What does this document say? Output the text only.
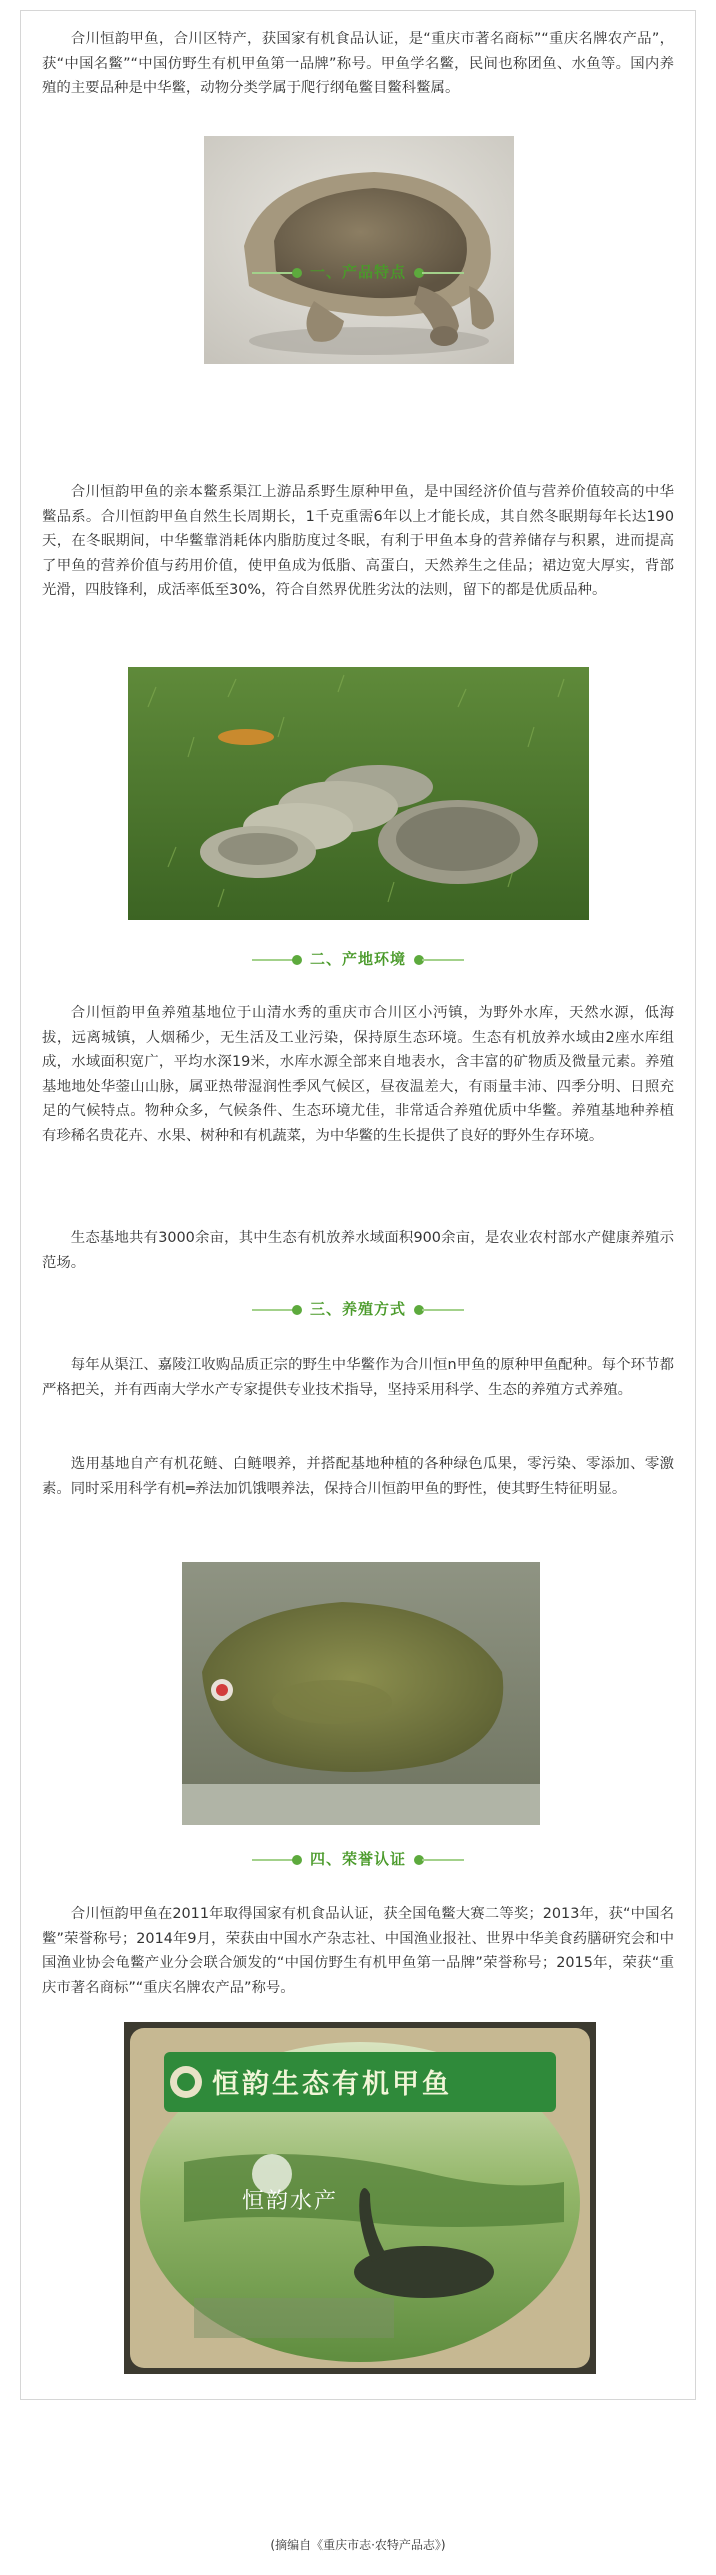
合川恒韵甲鱼，合川区特产，获国家有机食品认证，是“重庆市著名商标”“重庆名牌农产品”，获“中国名鳖”“中国仿野生有机甲鱼第一品牌”称号。甲鱼学名鳖，民间也称团鱼、水鱼等。国内养殖的主要品种是中华鳖，动物分类学属于爬行纲龟鳖目鳖科鳖属。

一、产品特点

合川恒韵甲鱼的亲本鳖系渠江上游品系野生原种甲鱼，是中国经济价值与营养价值较高的中华鳖品系。合川恒韵甲鱼自然生长周期长，1千克重需6年以上才能长成，其自然冬眠期每年长达190天，在冬眠期间，中华鳖靠消耗体内脂肪度过冬眠，有利于甲鱼本身的营养储存与积累，进而提高了甲鱼的营养价值与药用价值，使甲鱼成为低脂、高蛋白，天然养生之佳品；裙边宽大厚实，背部光滑，四肢锋利，成活率低至30%，符合自然界优胜劣汰的法则，留下的都是优质品种。

二、产地环境

合川恒韵甲鱼养殖基地位于山清水秀的重庆市合川区小沔镇，为野外水库，天然水源，低海拔，远离城镇，人烟稀少，无生活及工业污染，保持原生态环境。生态有机放养水域由2座水库组成，水域面积宽广，平均水深19米，水库水源全部来自地表水，含丰富的矿物质及微量元素。养殖基地地处华蓥山山脉，属亚热带湿润性季风气候区，昼夜温差大，有雨量丰沛、四季分明、日照充足的气候特点。物种众多，气候条件、生态环境尤佳，非常适合养殖优质中华鳖。养殖基地种养植有珍稀名贵花卉、水果、树种和有机蔬菜，为中华鳖的生长提供了良好的野外生存环境。

生态基地共有3000余亩，其中生态有机放养水域面积900余亩，是农业农村部水产健康养殖示范场。

三、养殖方式

每年从渠江、嘉陵江收购品质正宗的野生中华鳖作为合川恒n甲鱼的原种甲鱼配种。每个环节都严格把关，并有西南大学水产专家提供专业技术指导，坚持采用科学、生态的养殖方式养殖。

选用基地自产有机花鲢、白鲢喂养，并搭配基地种植的各种绿色瓜果，零污染、零添加、零激素。同时采用科学有机═养法加饥饿喂养法，保持合川恒韵甲鱼的野性，使其野生特征明显。

四、荣誉认证

合川恒韵甲鱼在2011年取得国家有机食品认证，获全国龟鳖大赛二等奖；2013年，获“中国名鳖”荣誉称号；2014年9月，荣获由中国水产杂志社、中国渔业报社、世界中华美食药膳研究会和中国渔业协会龟鳖产业分会联合颁发的“中国仿野生有机甲鱼第一品牌”荣誉称号；2015年，荣获“重庆市著名商标”“重庆名牌农产品”称号。

恒韵生态有机甲鱼
恒韵水产
(摘编自《重庆市志·农特产品志》)
